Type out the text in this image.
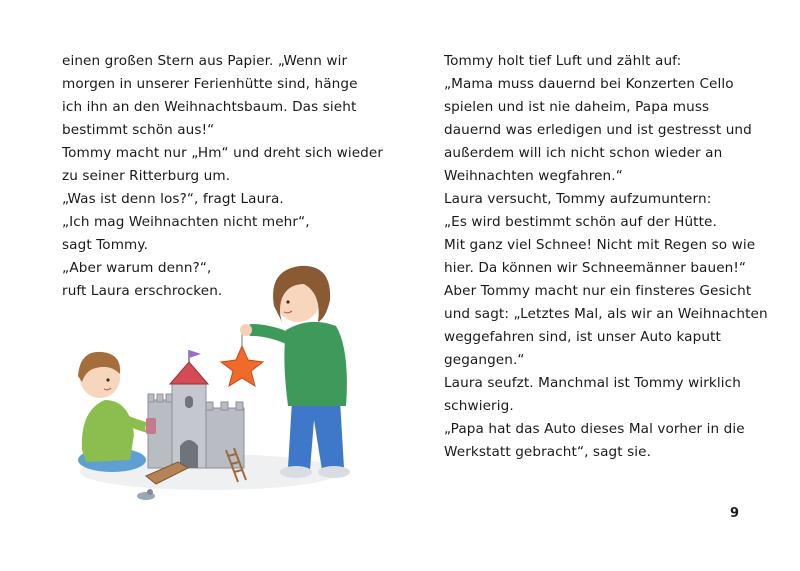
einen großen Stern aus Papier. „Wenn wir
morgen in unserer Ferienhütte sind, hänge
ich ihn an den Weihnachtsbaum. Das sieht
bestimmt schön aus!“
Tommy macht nur „Hm“ und dreht sich wieder
zu seiner Ritterburg um.
„Was ist denn los?“, fragt Laura.
„Ich mag Weihnachten nicht mehr“,
sagt Tommy.
„Aber warum denn?“,
ruft Laura erschrocken.
Tommy holt tief Luft und zählt auf:
„Mama muss dauernd bei Konzerten Cello
spielen und ist nie daheim, Papa muss
dauernd was erledigen und ist gestresst und
außerdem will ich nicht schon wieder an
Weihnachten wegfahren.“
Laura versucht, Tommy aufzumuntern:
„Es wird bestimmt schön auf der Hütte.
Mit ganz viel Schnee! Nicht mit Regen so wie
hier. Da können wir Schneemänner bauen!“
Aber Tommy macht nur ein finsteres Gesicht
und sagt: „Letztes Mal, als wir an Weihnachten
weggefahren sind, ist unser Auto kaputt
gegangen.“
Laura seufzt. Manchmal ist Tommy wirklich
schwierig.
„Papa hat das Auto dieses Mal vorher in die
Werkstatt gebracht“, sagt sie.
9
